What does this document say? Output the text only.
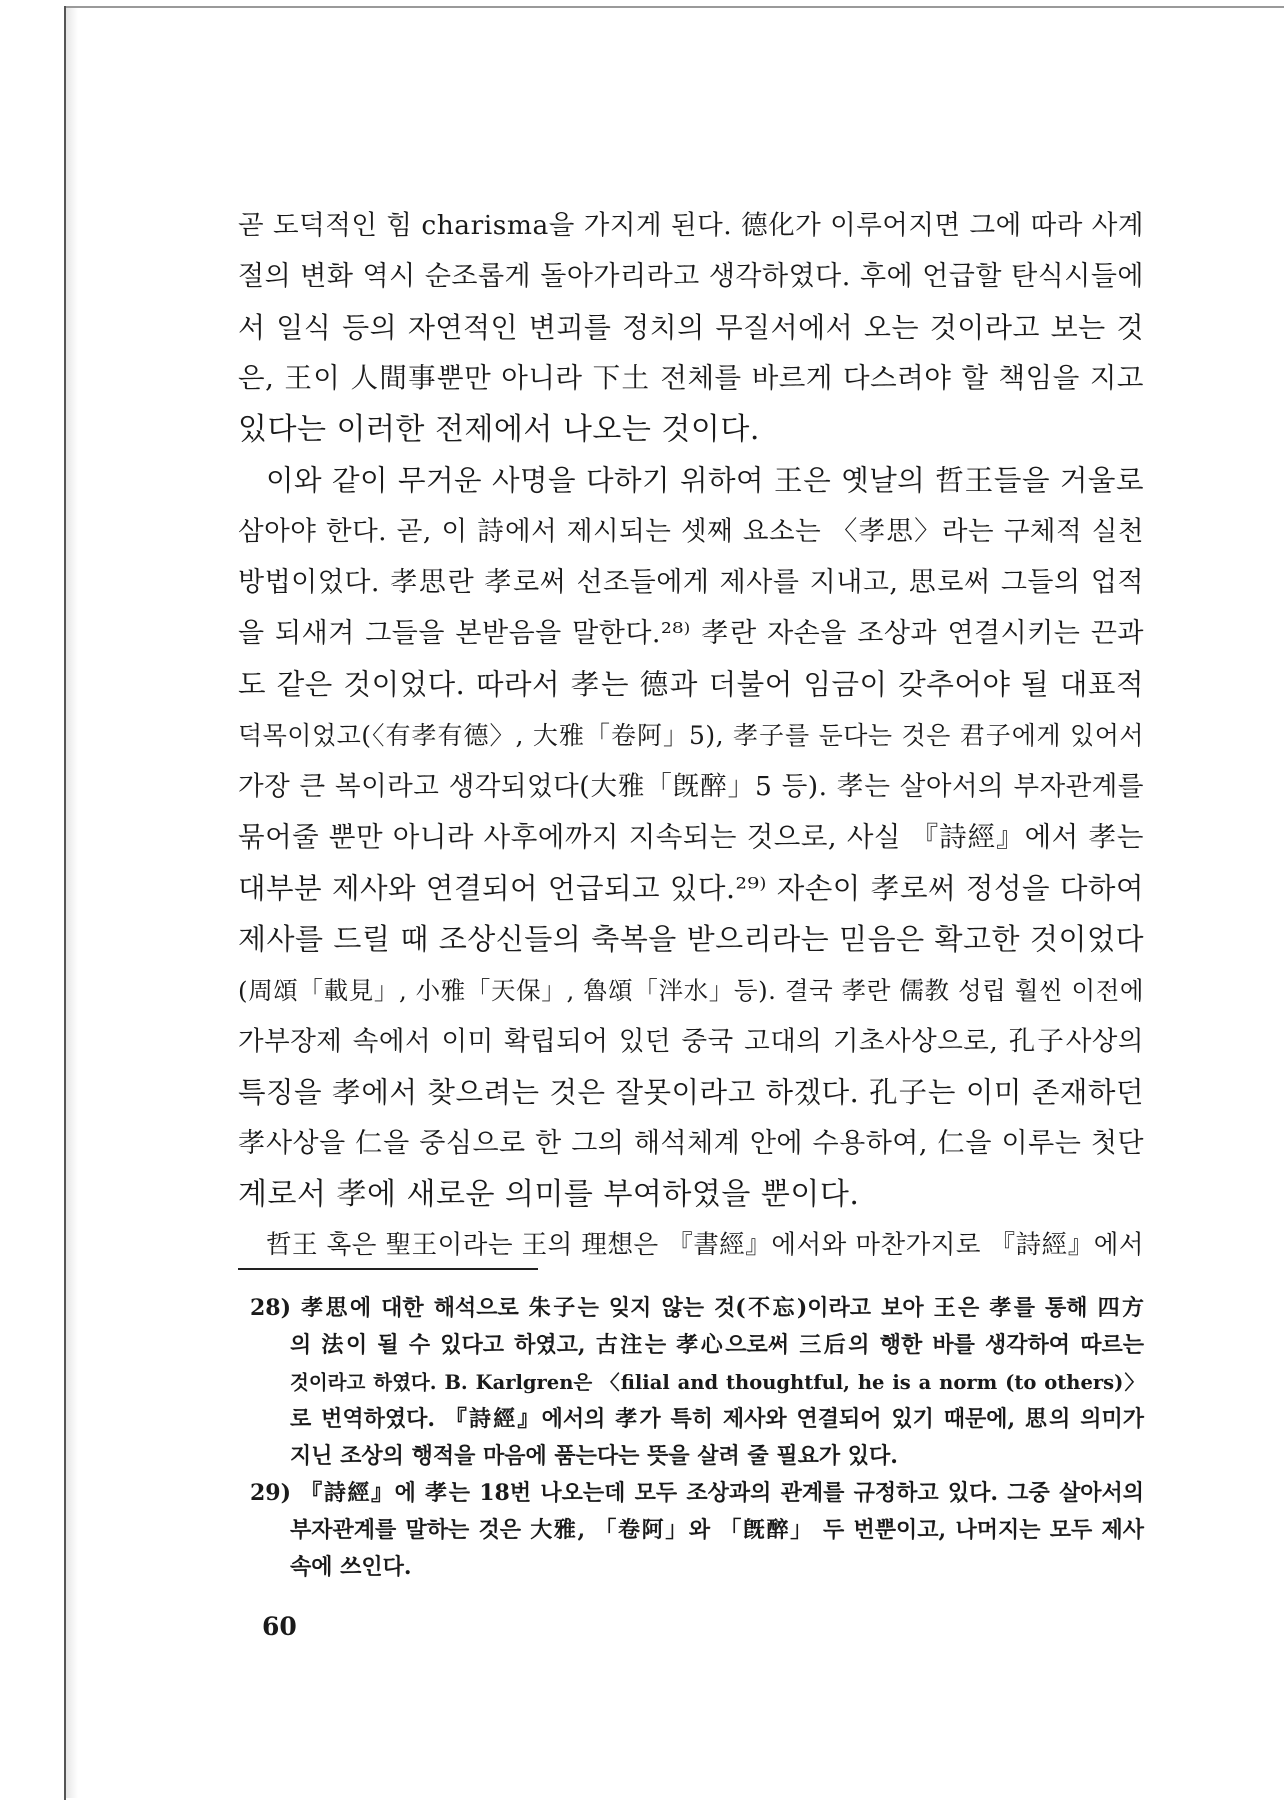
곧 도덕적인 힘 charisma을 가지게 된다. 德化가 이루어지면 그에 따라 사계
절의 변화 역시 순조롭게 돌아가리라고 생각하였다. 후에 언급할 탄식시들에
서 일식 등의 자연적인 변괴를 정치의 무질서에서 오는 것이라고 보는 것
은, 王이 人間事뿐만 아니라 下土 전체를 바르게 다스려야 할 책임을 지고
있다는 이러한 전제에서 나오는 것이다.
이와 같이 무거운 사명을 다하기 위하여 王은 옛날의 哲王들을 거울로
삼아야 한다. 곧, 이 詩에서 제시되는 셋째 요소는 〈孝思〉라는 구체적 실천
방법이었다. 孝思란 孝로써 선조들에게 제사를 지내고, 思로써 그들의 업적
을 되새겨 그들을 본받음을 말한다.²⁸⁾ 孝란 자손을 조상과 연결시키는 끈과
도 같은 것이었다. 따라서 孝는 德과 더불어 임금이 갖추어야 될 대표적
덕목이었고(〈有孝有德〉, 大雅「卷阿」5), 孝子를 둔다는 것은 君子에게 있어서
가장 큰 복이라고 생각되었다(大雅「旣醉」5 등). 孝는 살아서의 부자관계를
묶어줄 뿐만 아니라 사후에까지 지속되는 것으로, 사실 『詩經』에서 孝는
대부분 제사와 연결되어 언급되고 있다.²⁹⁾ 자손이 孝로써 정성을 다하여
제사를 드릴 때 조상신들의 축복을 받으리라는 믿음은 확고한 것이었다
(周頌「載見」, 小雅「天保」, 魯頌「泮水」등). 결국 孝란 儒教 성립 훨씬 이전에
가부장제 속에서 이미 확립되어 있던 중국 고대의 기초사상으로, 孔子사상의
특징을 孝에서 찾으려는 것은 잘못이라고 하겠다. 孔子는 이미 존재하던
孝사상을 仁을 중심으로 한 그의 해석체계 안에 수용하여, 仁을 이루는 첫단
계로서 孝에 새로운 의미를 부여하였을 뿐이다.
哲王 혹은 聖王이라는 王의 理想은 『書經』에서와 마찬가지로 『詩經』에서
28) 孝思에 대한 해석으로 朱子는 잊지 않는 것(不忘)이라고 보아 王은 孝를 통해 四方
의 法이 될 수 있다고 하였고, 古注는 孝心으로써 三后의 행한 바를 생각하여 따르는
것이라고 하였다. B. Karlgren은 〈filial and thoughtful, he is a norm (to others)〉
로 번역하였다. 『詩經』에서의 孝가 특히 제사와 연결되어 있기 때문에, 思의 의미가
지닌 조상의 행적을 마음에 품는다는 뜻을 살려 줄 필요가 있다.
29) 『詩經』에 孝는 18번 나오는데 모두 조상과의 관계를 규정하고 있다. 그중 살아서의
부자관계를 말하는 것은 大雅, 「卷阿」와 「旣醉」 두 번뿐이고, 나머지는 모두 제사
속에 쓰인다.
60
